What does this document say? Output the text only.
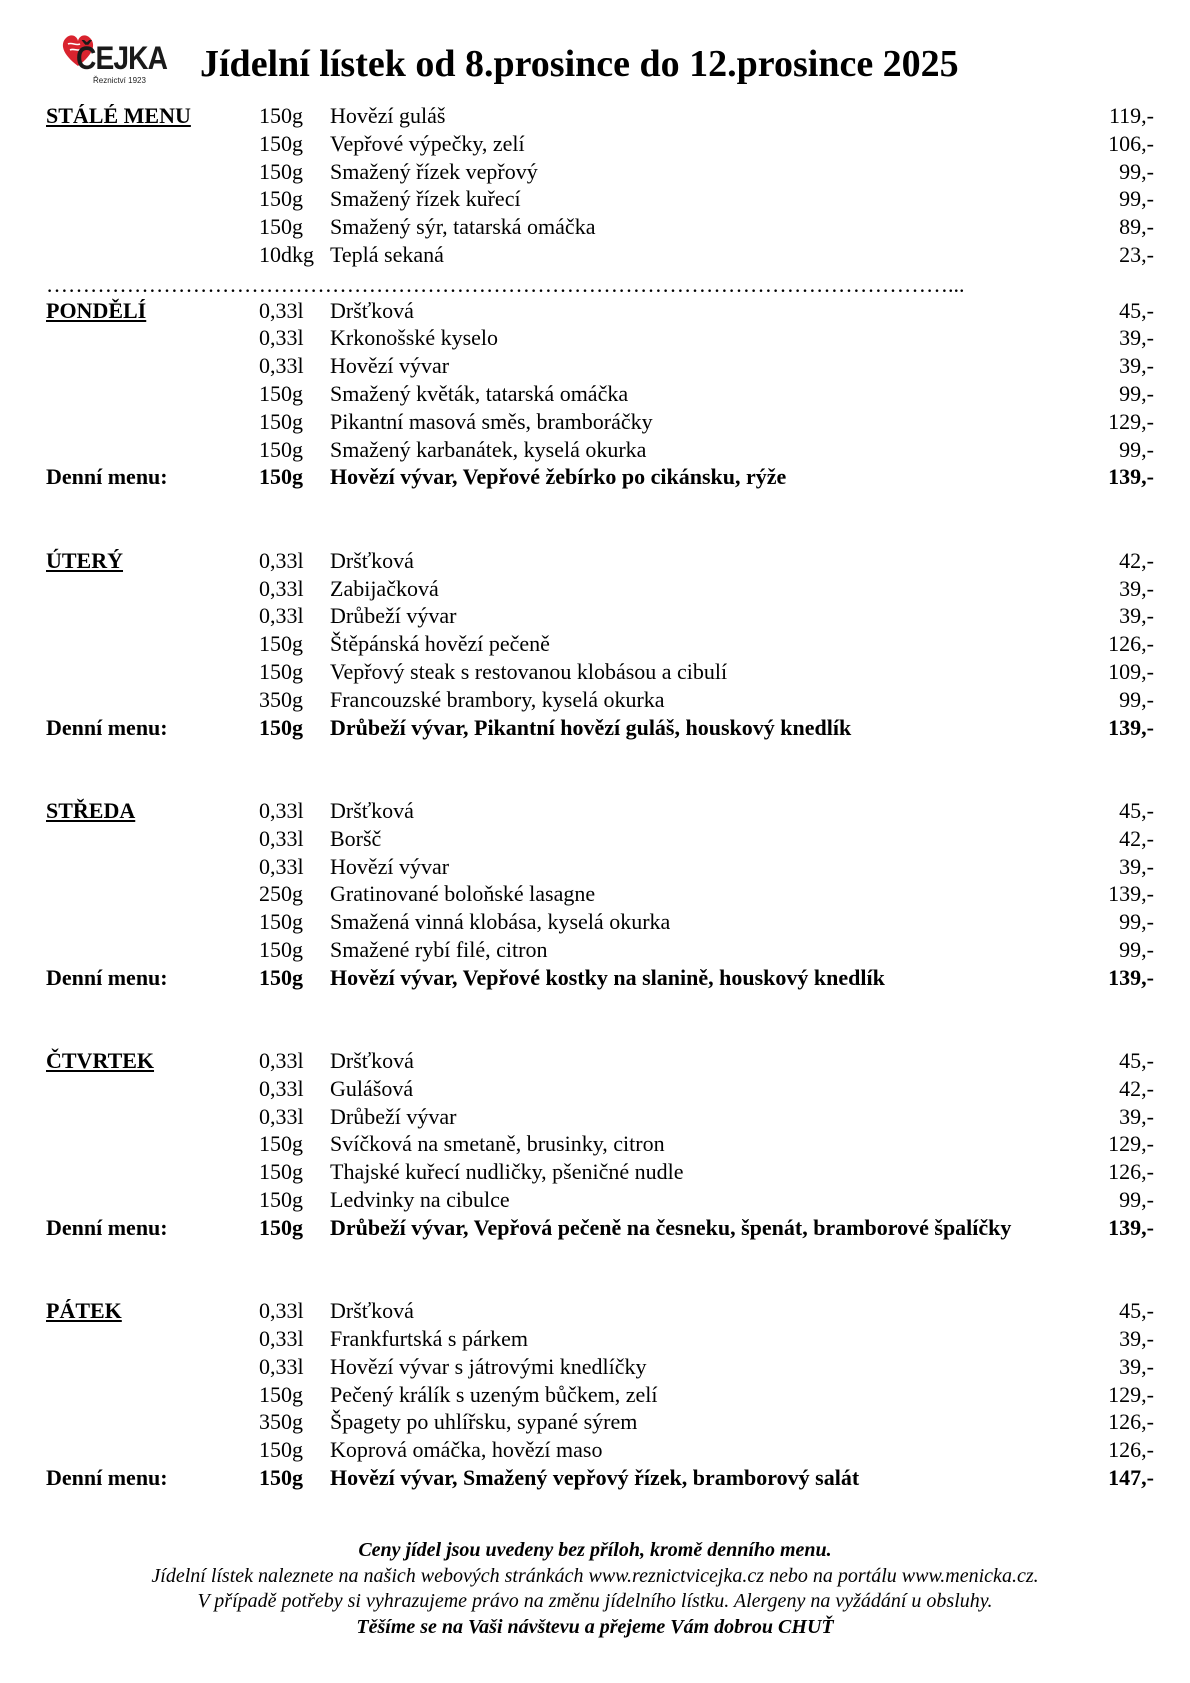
ČEJKA
Řeznictví 1923 Jídelní lístek od 8.prosince do 12.prosince 2025
STÁLÉ MENU	150g Hovězí guláš	119,-
150g Vepřové výpečky, zelí	106,-
150g Smažený řízek vepřový	99,-
150g Smažený řízek kuřecí	99,-
150g Smažený sýr, tatarská omáčka	89,-
10dkg Teplá sekaná	23,-
……………………………………………………………………………………………………………...
PONDĚLÍ	0,33l Dršťková	45,-
0,33l Krkonošské kyselo	39,-
0,33l Hovězí vývar	39,-
150g Smažený květák, tatarská omáčka	99,-
150g Pikantní masová směs, bramboráčky	129,-
150g Smažený karbanátek, kyselá okurka	99,-
Denní menu:	150g Hovězí vývar, Vepřové žebírko po cikánsku, rýže	139,-
ÚTERÝ	0,33l Dršťková	42,-
0,33l Zabijačková	39,-
0,33l Drůbeží vývar	39,-
150g Štěpánská hovězí pečeně	126,-
150g Vepřový steak s restovanou klobásou a cibulí	109,-
350g Francouzské brambory, kyselá okurka	99,-
Denní menu:	150g Drůbeží vývar, Pikantní hovězí guláš, houskový knedlík	139,-
STŘEDA	0,33l Dršťková	45,-
0,33l Boršč	42,-
0,33l Hovězí vývar	39,-
250g Gratinované boloňské lasagne	139,-
150g Smažená vinná klobása, kyselá okurka	99,-
150g Smažené rybí filé, citron	99,-
Denní menu:	150g Hovězí vývar, Vepřové kostky na slanině, houskový knedlík	139,-
ČTVRTEK	0,33l Dršťková	45,-
0,33l Gulášová	42,-
0,33l Drůbeží vývar	39,-
150g Svíčková na smetaně, brusinky, citron	129,-
150g Thajské kuřecí nudličky, pšeničné nudle	126,-
150g Ledvinky na cibulce	99,-
Denní menu:	150g Drůbeží vývar, Vepřová pečeně na česneku, špenát, bramborové špalíčky	139,-
PÁTEK	0,33l Dršťková	45,-
0,33l Frankfurtská s párkem	39,-
0,33l Hovězí vývar s játrovými knedlíčky	39,-
150g Pečený králík s uzeným bůčkem, zelí	129,-
350g Špagety po uhlířsku, sypané sýrem	126,-
150g Koprová omáčka, hovězí maso	126,-
Denní menu:	150g Hovězí vývar, Smažený vepřový řízek, bramborový salát	147,-
Ceny jídel jsou uvedeny bez příloh, kromě denního menu.
Jídelní lístek naleznete na našich webových stránkách www.reznictvicejka.cz nebo na portálu www.menicka.cz.
V případě potřeby si vyhrazujeme právo na změnu jídelního lístku. Alergeny na vyžádání u obsluhy.
Těšíme se na Vaši návštevu a přejeme Vám dobrou CHUŤ
